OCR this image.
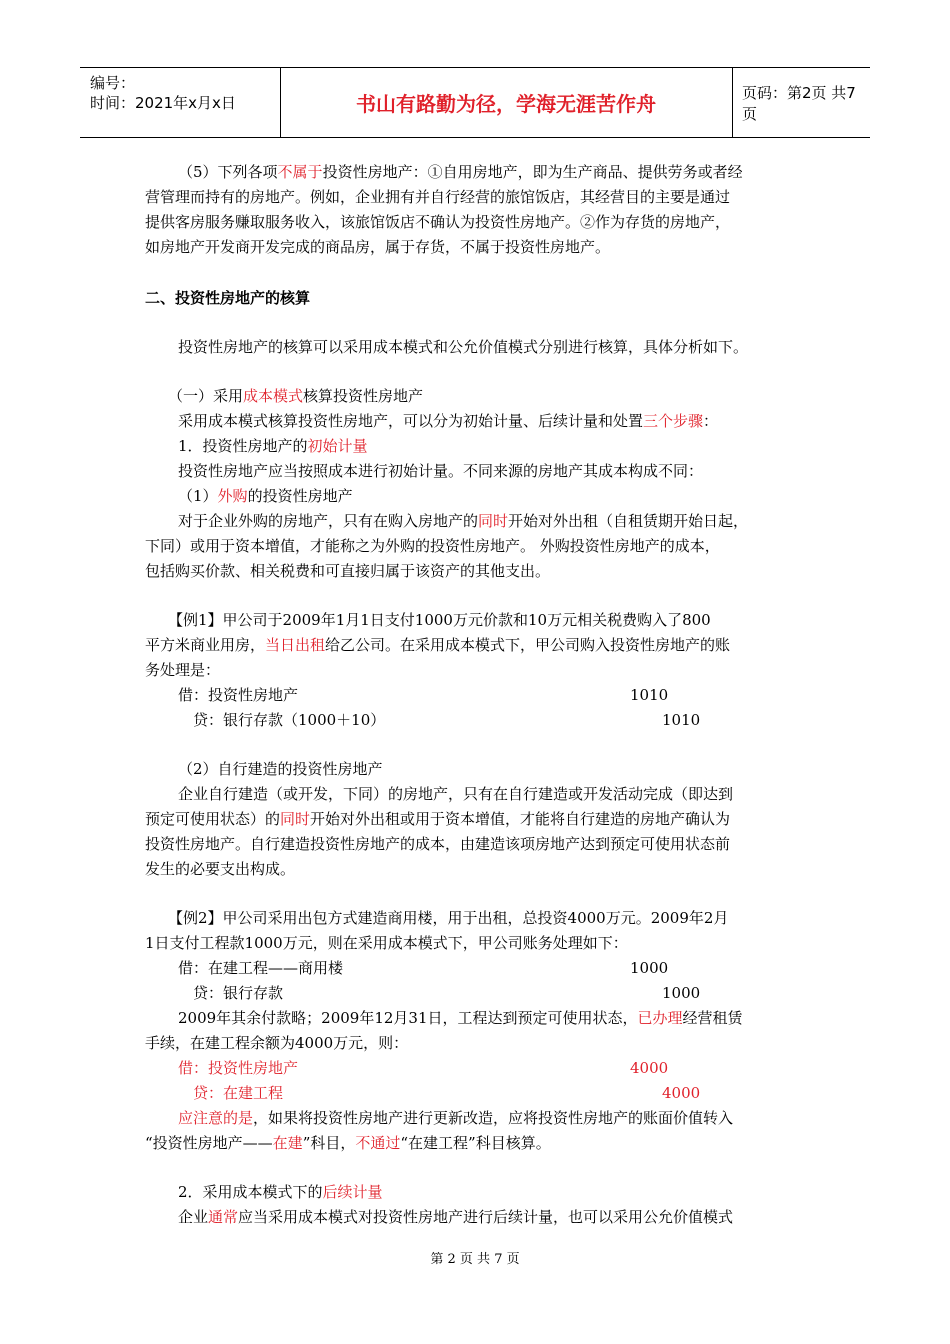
编号：
时间：2021年x月x日	书山有路勤为径，学海无涯苦作舟	页码：第2页 共7页
（5）下列各项不属于投资性房地产：①自用房地产，即为生产商品、提供劳务或者经
营管理而持有的房地产。例如，企业拥有并自行经营的旅馆饭店，其经营目的主要是通过
提供客房服务赚取服务收入，该旅馆饭店不确认为投资性房地产。②作为存货的房地产，
如房地产开发商开发完成的商品房，属于存货，不属于投资性房地产。
二、投资性房地产的核算
投资性房地产的核算可以采用成本模式和公允价值模式分别进行核算，具体分析如下。
（一）采用成本模式核算投资性房地产
采用成本模式核算投资性房地产，可以分为初始计量、后续计量和处置三个步骤：
1．投资性房地产的初始计量
投资性房地产应当按照成本进行初始计量。不同来源的房地产其成本构成不同：
（1）外购的投资性房地产
对于企业外购的房地产，只有在购入房地产的同时开始对外出租（自租赁期开始日起，
下同）或用于资本增值，才能称之为外购的投资性房地产。 外购投资性房地产的成本，
包括购买价款、相关税费和可直接归属于该资产的其他支出。
【例1】甲公司于2009年1月1日支付1000万元价款和10万元相关税费购入了800
平方米商业用房，当日出租给乙公司。在采用成本模式下，甲公司购入投资性房地产的账
务处理是：
借：投资性房地产	1010
贷：银行存款（1000＋10）	1010
（2）自行建造的投资性房地产
企业自行建造（或开发，下同）的房地产，只有在自行建造或开发活动完成（即达到
预定可使用状态）的同时开始对外出租或用于资本增值，才能将自行建造的房地产确认为
投资性房地产。自行建造投资性房地产的成本，由建造该项房地产达到预定可使用状态前
发生的必要支出构成。
【例2】甲公司采用出包方式建造商用楼，用于出租，总投资4000万元。2009年2月
1日支付工程款1000万元，则在采用成本模式下，甲公司账务处理如下：
借：在建工程——商用楼	1000
贷：银行存款	1000
2009年其余付款略；2009年12月31日，工程达到预定可使用状态，已办理经营租赁
手续，在建工程余额为4000万元，则：
借：投资性房地产	4000
贷：在建工程	4000
应注意的是，如果将投资性房地产进行更新改造，应将投资性房地产的账面价值转入
“投资性房地产——在建”科目，不通过“在建工程”科目核算。
2．采用成本模式下的后续计量
企业通常应当采用成本模式对投资性房地产进行后续计量，也可以采用公允价值模式
第 2 页 共 7 页
